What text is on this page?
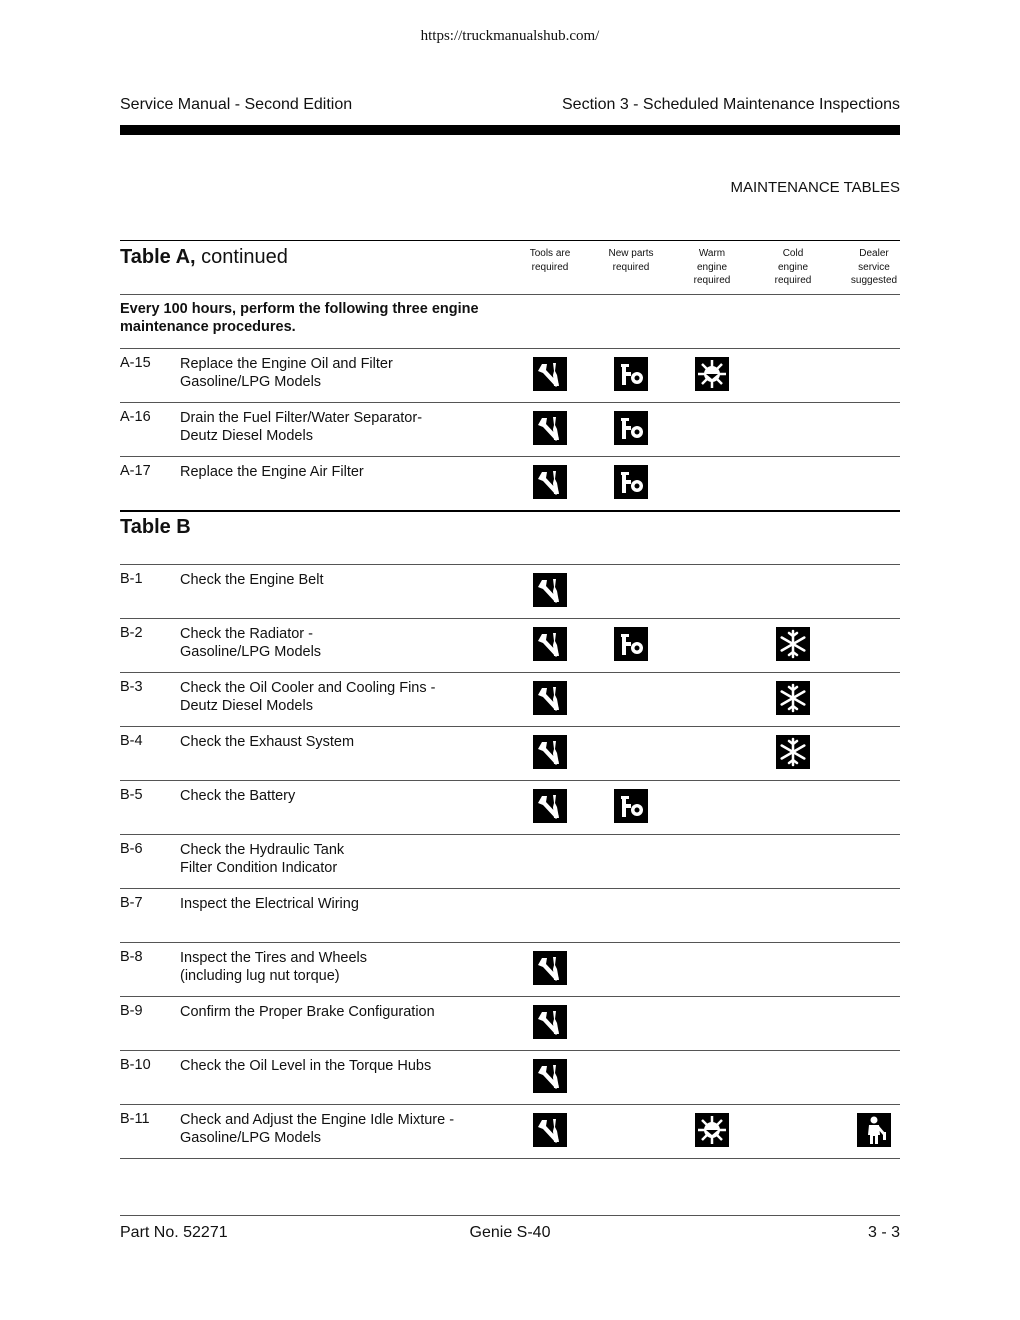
https://truckmanualshub.com/
Service Manual - Second Edition	Section 3 - Scheduled Maintenance Inspections
MAINTENANCE TABLES
Table A, continued	Tools are
required
New parts
required
Warm
engine
required
Cold
engine
required
Dealer
service
suggested
Every 100 hours, perform the following three engine
maintenance procedures.
A-15 Replace the Engine Oil and Filter
Gasoline/LPG Models
A-16 Drain the Fuel Filter/Water Separator-
Deutz Diesel Models
A-17 Replace the Engine Air Filter
Table B
B-1	Check the Engine Belt
B-2	Check the Radiator -
Gasoline/LPG Models
B-3	Check the Oil Cooler and Cooling Fins -
Deutz Diesel Models
B-4	Check the Exhaust System
B-5	Check the Battery
B-6	Check the Hydraulic Tank
Filter Condition Indicator
B-7	Inspect the Electrical Wiring
B-8	Inspect the Tires and Wheels
(including lug nut torque)
B-9	Confirm the Proper Brake Configuration
B-10 Check the Oil Level in the Torque Hubs
B-11 Check and Adjust the Engine Idle Mixture -
Gasoline/LPG Models
Part No. 52271	Genie S-40	3 - 3
